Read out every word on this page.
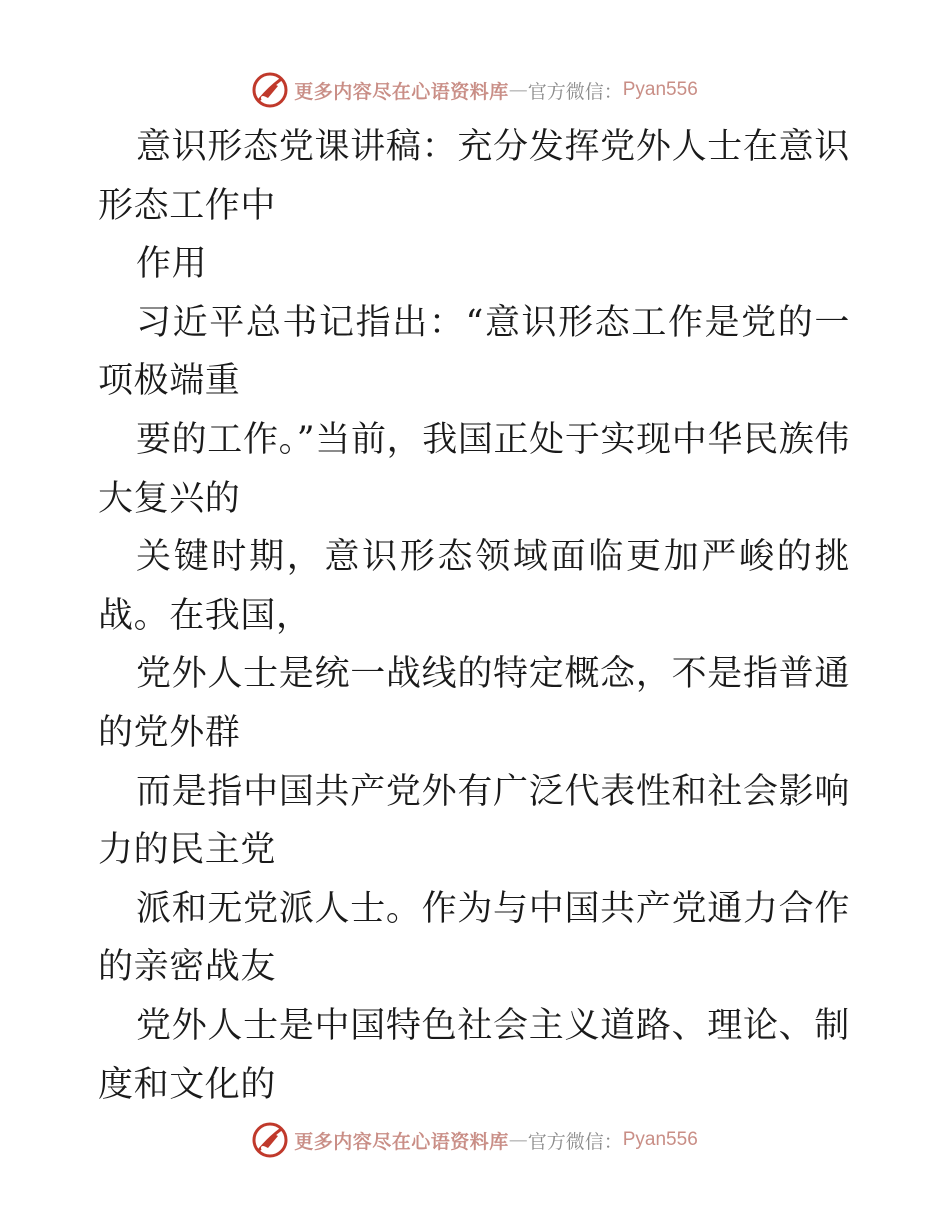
更多内容尽在心语资料库 — 官方微信： Pyan556

意识形态党课讲稿：充分发挥党外人士在意识形态工作中

作用

习近平总书记指出：“意识形态工作是党的一项极端重

要的工作。”当前，我国正处于实现中华民族伟大复兴的

关键时期，意识形态领域面临更加严峻的挑战。在我国，

党外人士是统一战线的特定概念，不是指普通的党外群

而是指中国共产党外有广泛代表性和社会影响力的民主党

派和无党派人士。作为与中国共产党通力合作的亲密战友

党外人士是中国特色社会主义道路、理论、制度和文化的

更多内容尽在心语资料库 — 官方微信： Pyan556
